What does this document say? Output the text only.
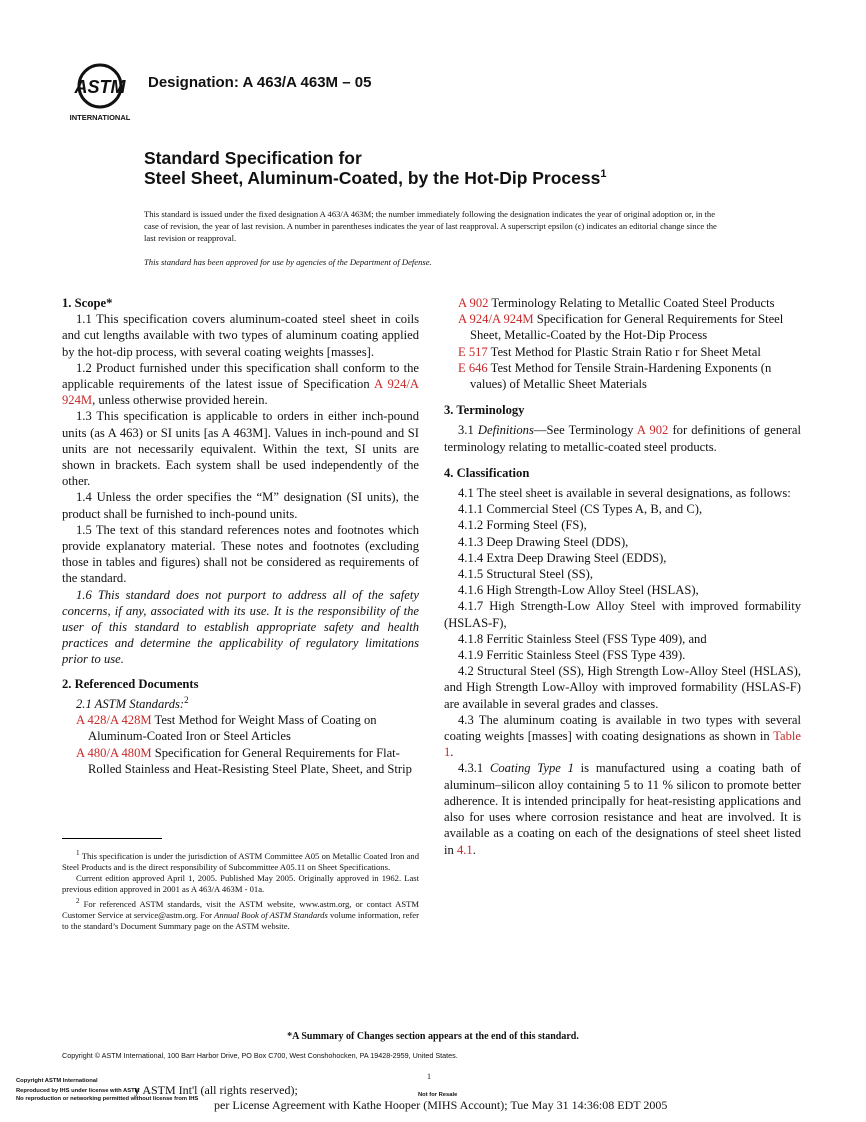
ASTM
INTERNATIONAL
Designation: A 463/A 463M – 05
Standard Specification for
Steel Sheet, Aluminum-Coated, by the Hot-Dip Process$^1$
This standard is issued under the fixed designation A 463/A 463M; the number immediately following the designation indicates the year of original adoption or, in the case of revision, the year of last revision. A number in parentheses indicates the year of last reapproval. A superscript epsilon (ϵ) indicates an editorial change since the last revision or reapproval.
This standard has been approved for use by agencies of the Department of Defense.
1. Scope*

1.1 This specification covers aluminum-coated steel sheet in coils and cut lengths available with two types of aluminum coating applied by the hot-dip process, with several coating weights [masses].

1.2 Product furnished under this specification shall conform to the applicable requirements of the latest issue of Specification A 924/A 924M, unless otherwise provided herein.

1.3 This specification is applicable to orders in either inch-pound units (as A 463) or SI units [as A 463M]. Values in inch-pound and SI units are not necessarily equivalent. Within the text, SI units are shown in brackets. Each system shall be used independently of the other.

1.4 Unless the order specifies the “M” designation (SI units), the product shall be furnished to inch-pound units.

1.5 The text of this standard references notes and footnotes which provide explanatory material. These notes and footnotes (excluding those in tables and figures) shall not be considered as requirements of the standard.

1.6 This standard does not purport to address all of the safety concerns, if any, associated with its use. It is the responsibility of the user of this standard to establish appropriate safety and health practices and determine the applicability of regulatory limitations prior to use.

2. Referenced Documents

2.1 ASTM Standards:$^2$

A 428/A 428M Test Method for Weight Mass of Coating on Aluminum-Coated Iron or Steel Articles

A 480/A 480M Specification for General Requirements for Flat-Rolled Stainless and Heat-Resisting Steel Plate, Sheet, and Strip

$^1$ This specification is under the jurisdiction of ASTM Committee A05 on Metallic Coated Iron and Steel Products and is the direct responsibility of Subcommittee A05.11 on Sheet Specifications.

Current edition approved April 1, 2005. Published May 2005. Originally approved in 1962. Last previous edition approved in 2001 as A 463/A 463M - 01a.

$^2$ For referenced ASTM standards, visit the ASTM website, www.astm.org, or contact ASTM Customer Service at service@astm.org. For Annual Book of ASTM Standards volume information, refer to the standard’s Document Summary page on the ASTM website.

A 902 Terminology Relating to Metallic Coated Steel Products

A 924/A 924M Specification for General Requirements for Steel Sheet, Metallic-Coated by the Hot-Dip Process

E 517 Test Method for Plastic Strain Ratio r for Sheet Metal

E 646 Test Method for Tensile Strain-Hardening Exponents (n values) of Metallic Sheet Materials

3. Terminology

3.1 Definitions—See Terminology A 902 for definitions of general terminology relating to metallic-coated steel products.

4. Classification

4.1 The steel sheet is available in several designations, as follows:

4.1.1 Commercial Steel (CS Types A, B, and C),

4.1.2 Forming Steel (FS),

4.1.3 Deep Drawing Steel (DDS),

4.1.4 Extra Deep Drawing Steel (EDDS),

4.1.5 Structural Steel (SS),

4.1.6 High Strength-Low Alloy Steel (HSLAS),

4.1.7 High Strength-Low Alloy Steel with improved formability (HSLAS-F),

4.1.8 Ferritic Stainless Steel (FSS Type 409), and

4.1.9 Ferritic Stainless Steel (FSS Type 439).

4.2 Structural Steel (SS), High Strength Low-Alloy Steel (HSLAS), and High Strength Low-Alloy with improved formability (HSLAS-F) are available in several grades and classes.

4.3 The aluminum coating is available in two types with several coating weights [masses] with coating designations as shown in Table 1.

4.3.1 Coating Type 1 is manufactured using a coating bath of aluminum–silicon alloy containing 5 to 11 % silicon to promote better adherence. It is intended principally for heat-resisting applications and also for uses where corrosion resistance and heat are involved. It is available as a coating on each of the designations of steel sheet listed in 4.1.

*A Summary of Changes section appears at the end of this standard.
Copyright © ASTM International, 100 Barr Harbor Drive, PO Box C700, West Conshohocken, PA 19428-2959, United States.
1
Copyright ASTM International
Reproduced by IHS under license with ASTM
No reproduction or networking permitted without license from IHS
y ASTM Int'l (all rights reserved);
per License Agreement with Kathe Hooper (MIHS Account); Tue May 31 14:36:08 EDT 2005
Not for Resale
